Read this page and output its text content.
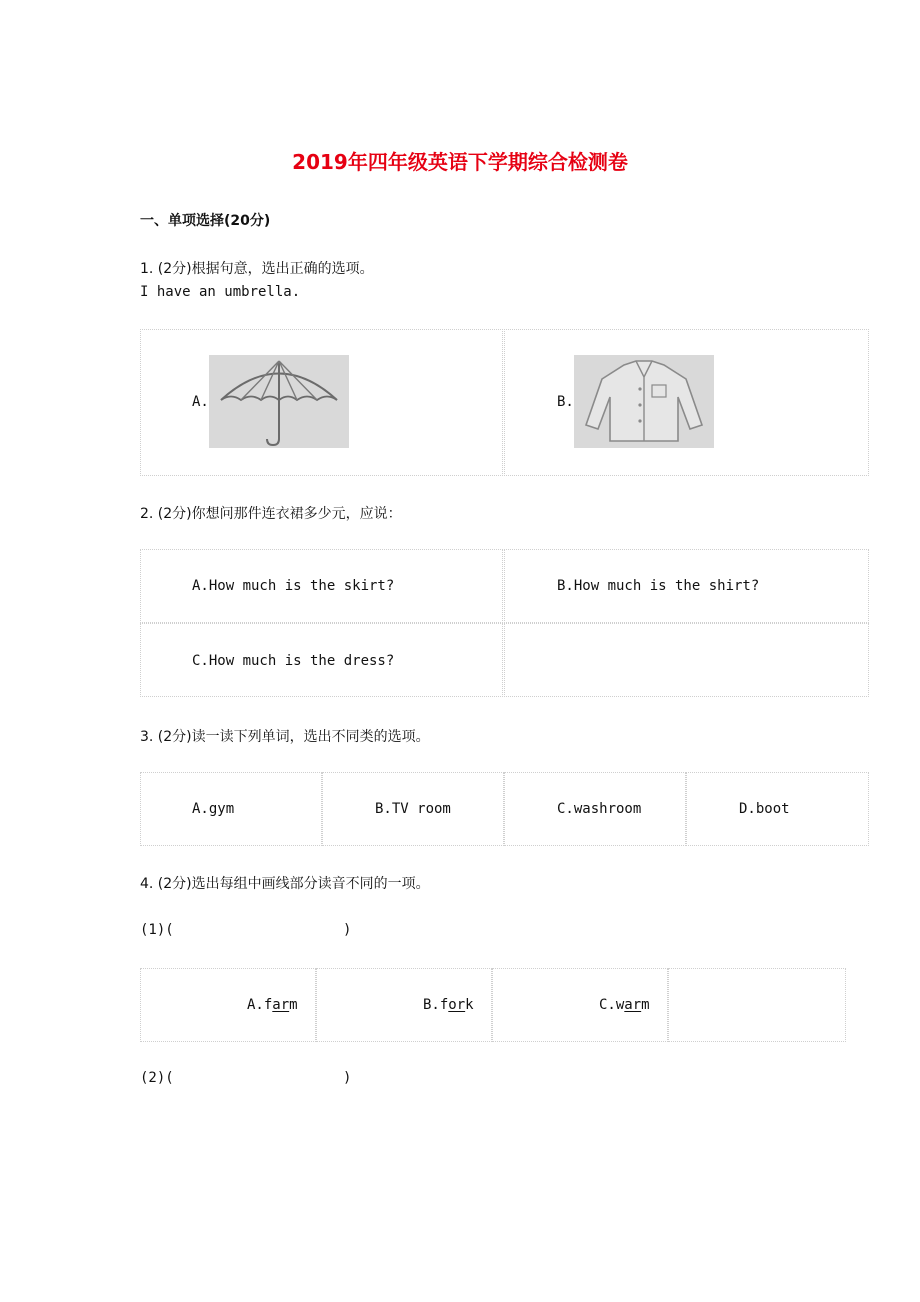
2019年四年级英语下学期综合检测卷
一、单项选择(20分)
1. (2分)根据句意，选出正确的选项。
I have an umbrella.
A.	B.
2. (2分)你想问那件连衣裙多少元，应说：
A.How much is the skirt?	B.How much is the shirt?
C.How much is the dress?
3. (2分)读一读下列单词，选出不同类的选项。
A.gym	B.TV room	C.washroom	D.boot
4. (2分)选出每组中画线部分读音不同的一项。
(1)(	)
A.farm	B.fork	C.warm
(2)(	)
